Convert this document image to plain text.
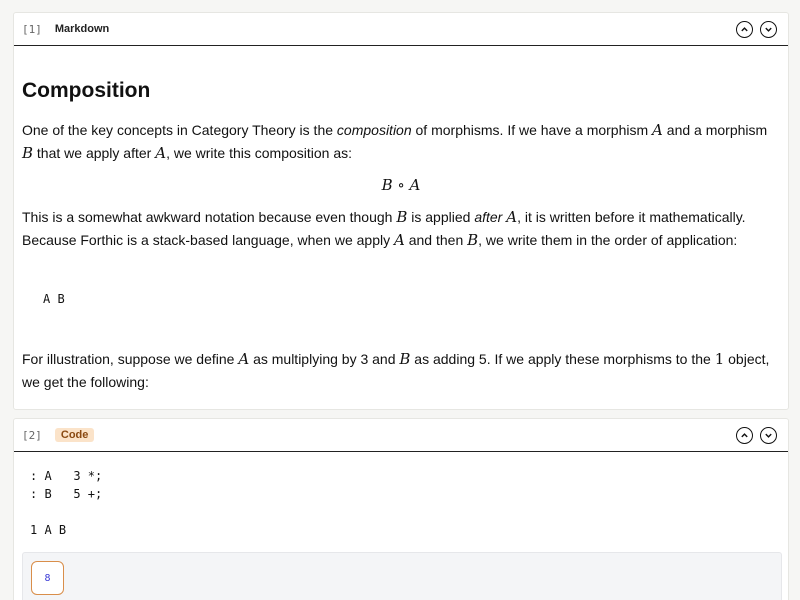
[1] Markdown
Composition

One of the key concepts in Category Theory is the composition of morphisms. If we have a morphism A and a morphism B that we apply after A, we write this composition as:

B ∘ A

This is a somewhat awkward notation because even though B is applied after A, it is written before it mathematically. Because Forthic is a stack-based language, when we apply A and then B, we write them in the order of application:

A B

For illustration, suppose we define A as multiplying by 3 and B as adding 5. If we apply these morphisms to the 1 object, we get the following:

[2]	Code
: A   3 *;
: B   5 +;

1 A B
8
